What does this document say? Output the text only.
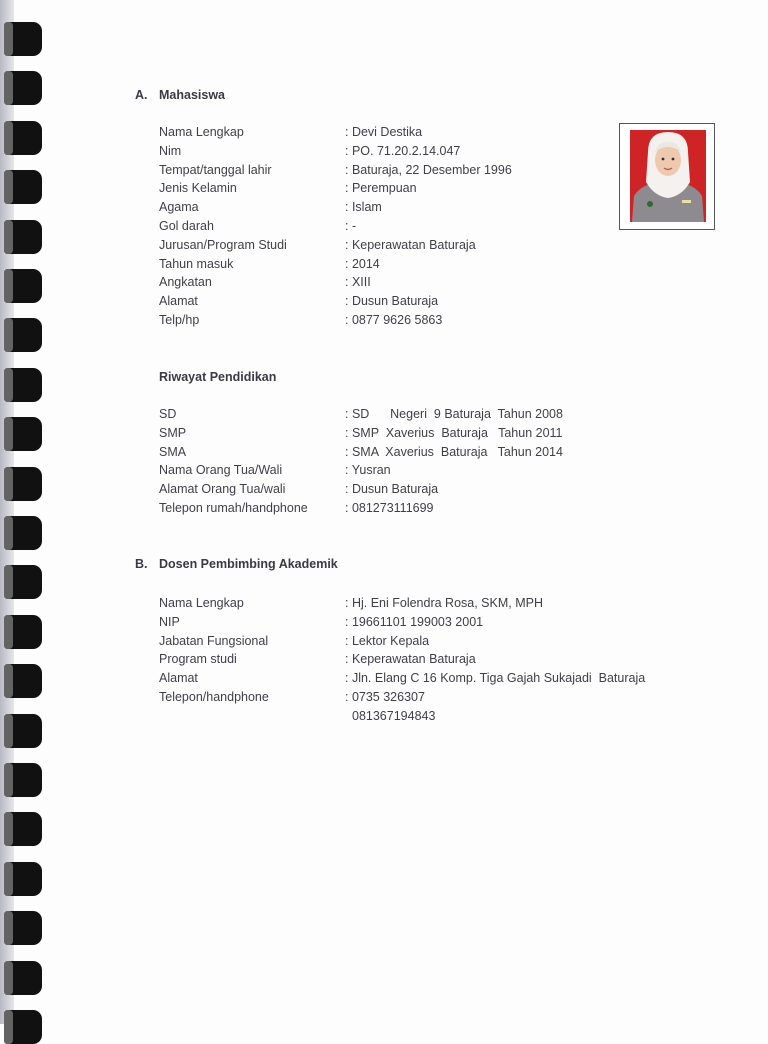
A. Mahasiswa
Nama Lengkap	: Devi Destika
Nim	: PO. 71.20.2.14.047
Tempat/tanggal lahir	: Baturaja, 22 Desember 1996
Jenis Kelamin	: Perempuan
Agama	: Islam
Gol darah	: -
Jurusan/Program Studi	: Keperawatan Baturaja
Tahun masuk	: 2014
Angkatan	: XIII
Alamat	: Dusun Baturaja
Telp/hp	: 0877 9626 5863
Riwayat Pendidikan
SD	: SD      Negeri  9 Baturaja  Tahun 2008
SMP	: SMP  Xaverius  Baturaja   Tahun 2011
SMA	: SMA  Xaverius  Baturaja   Tahun 2014
Nama Orang Tua/Wali	: Yusran
Alamat Orang Tua/wali	: Dusun Baturaja
Telepon rumah/handphone	: 081273111699
B. Dosen Pembimbing Akademik
Nama Lengkap	: Hj. Eni Folendra Rosa, SKM, MPH
NIP	: 19661101 199003 2001
Jabatan Fungsional	: Lektor Kepala
Program studi	: Keperawatan Baturaja
Alamat	: Jln. Elang C 16 Komp. Tiga Gajah Sukajadi  Baturaja
Telepon/handphone	: 0735 326307
081367194843
